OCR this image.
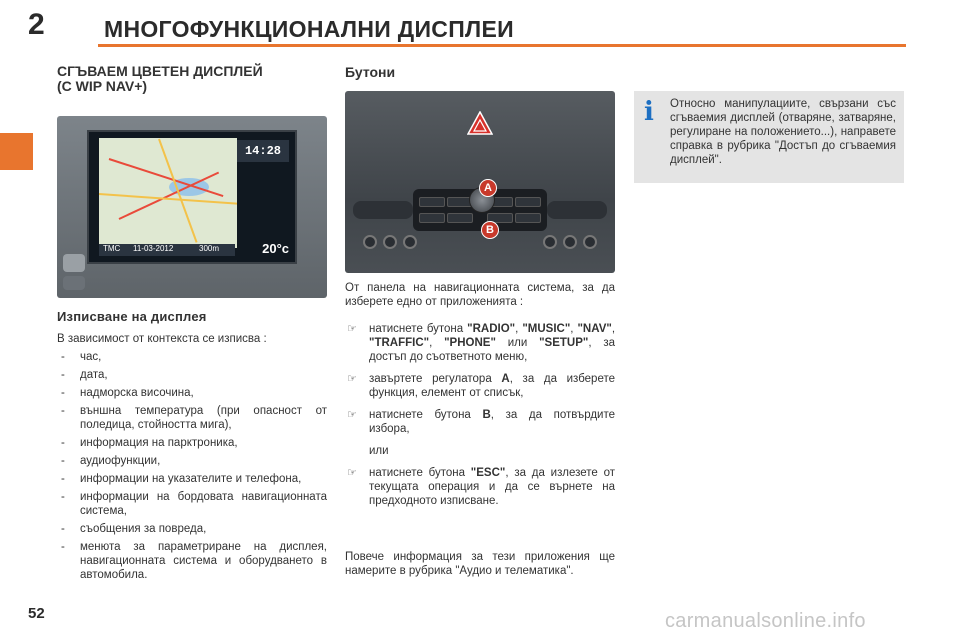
2	МНОГОФУНКЦИОНАЛНИ ДИСПЛЕИ
СГЪВАЕМ ЦВЕТЕН ДИСПЛЕЙ
(С WIP NAV+)
Бутони
14:28
TMC 11-03-2012	300m	20°c
Изписване на дисплея
В зависимост от контекста се изписва :
- час,
- дата,
- надморска височина,
- външна температура (при опасност от поледица, стойността мига),
- информация на парктроника,
- аудиофункции,
- информации на указателите и телефона,
- информации на бордовата навигационната система,
- съобщения за повреда,
- менюта за параметриране на дисплея, навигационната система и оборудването в автомобила.
A
B
От панела на навигационната система, за да изберете едно от приложенията :
☞ натиснете бутона "RADIO", "MUSIC", "NAV", "TRAFFIC", "PHONE" или "SETUP", за достъп до съответното меню,
☞ завъртете регулатора A, за да изберете функция, елемент от списък,
☞ натиснете бутона B, за да потвърдите избора,
или
☞ натиснете бутона "ESC", за да излезете от текущата операция и да се върнете на предходното изписване.
Повече информация за тези приложения ще намерите в рубрика "Аудио и телематика".
i	Относно манипулациите, свързани със сгъваемия дисплей (отваряне, затваряне, регулиране на положението...), направете справка в рубрика "Достъп до сгъваемия дисплей".
52	carmanualsonline.info
